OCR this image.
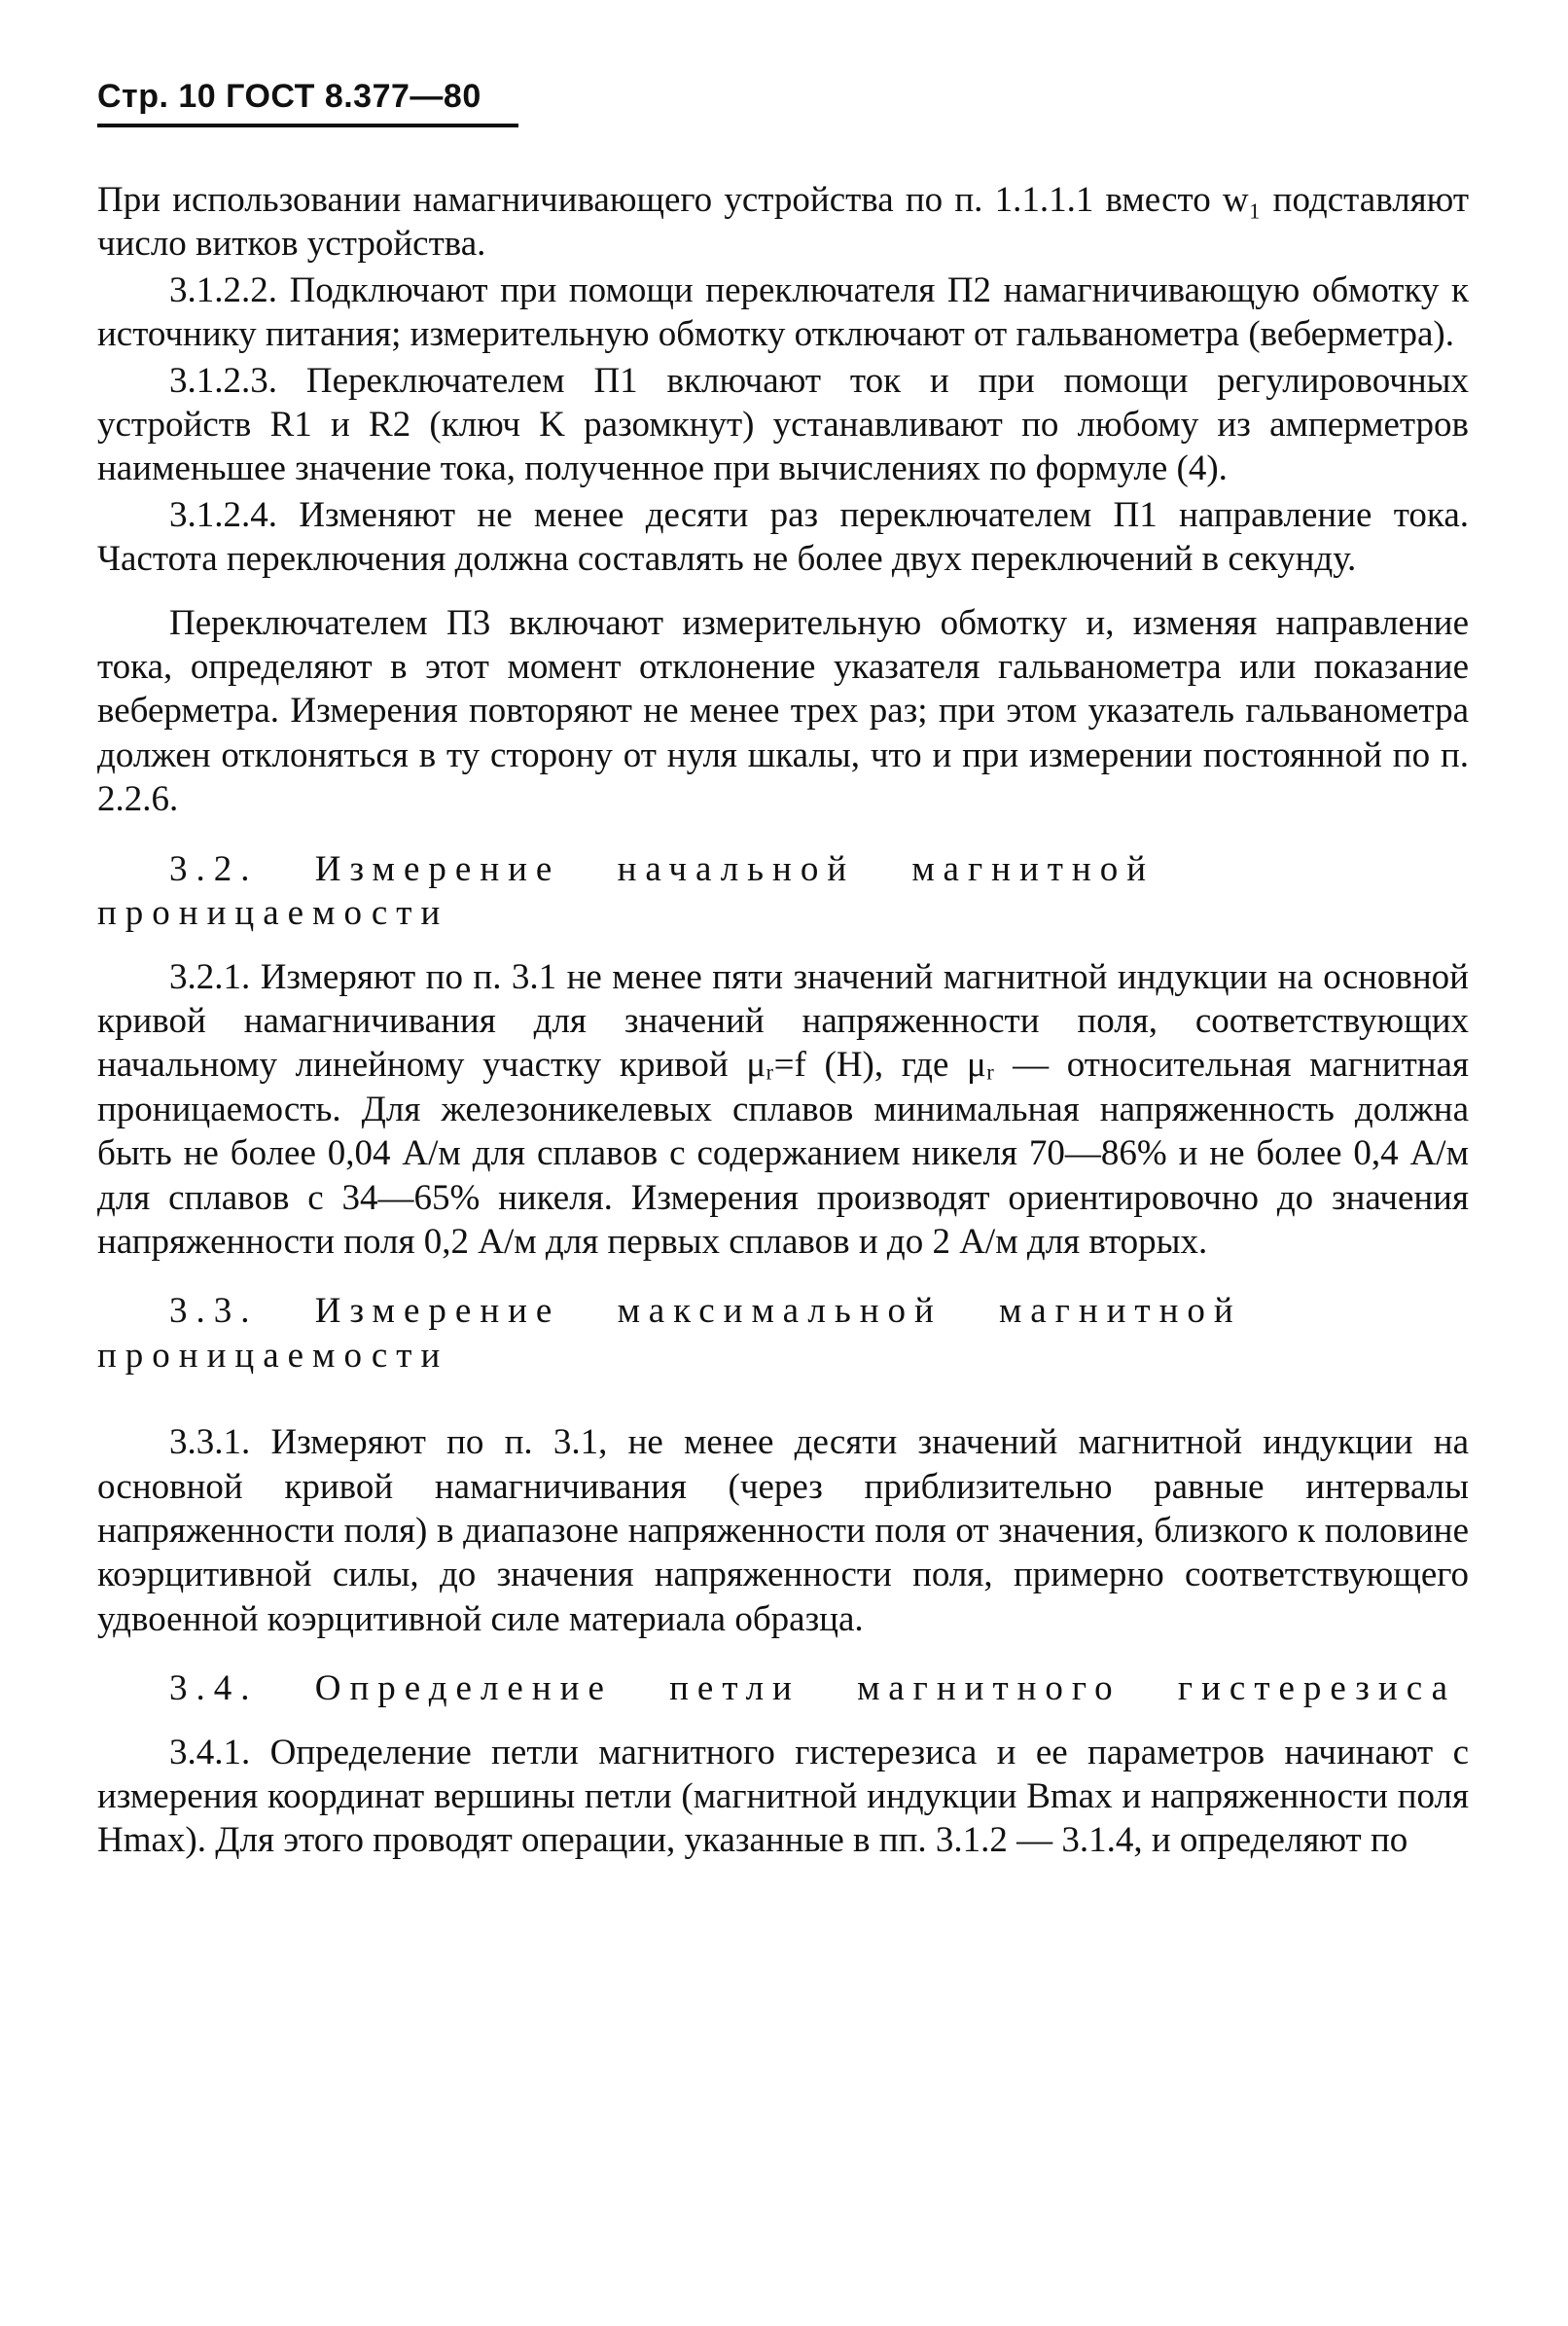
Стр. 10 ГОСТ 8.377—80

При использовании намагничивающего устройства по п. 1.1.1.1 вместо w₁ подставляют число витков устройства.

3.1.2.2. Подключают при помощи переключателя П2 намагничивающую обмотку к источнику питания; измерительную обмотку отключают от гальванометра (веберметра).

3.1.2.3. Переключателем П1 включают ток и при помощи регулировочных устройств R1 и R2 (ключ K разомкнут) устанавливают по любому из амперметров наименьшее значение тока, полученное при вычислениях по формуле (4).

3.1.2.4. Изменяют не менее десяти раз переключателем П1 направление тока. Частота переключения должна составлять не более двух переключений в секунду.

Переключателем П3 включают измерительную обмотку и, изменяя направление тока, определяют в этот момент отклонение указателя гальванометра или показание веберметра. Измерения повторяют не менее трех раз; при этом указатель гальванометра должен отклоняться в ту сторону от нуля шкалы, что и при измерении постоянной по п. 2.2.6.

3.2. Измерение начальной магнитной проницаемости

3.2.1. Измеряют по п. 3.1 не менее пяти значений магнитной индукции на основной кривой намагничивания для значений напряженности поля, соответствующих начальному линейному участку кривой μᵣ=f (H), где μᵣ — относительная магнитная проницаемость. Для железоникелевых сплавов минимальная напряженность должна быть не более 0,04 А/м для сплавов с содержанием никеля 70—86% и не более 0,4 А/м для сплавов с 34—65% никеля. Измерения производят ориентировочно до значения напряженности поля 0,2 А/м для первых сплавов и до 2 А/м для вторых.

3.3. Измерение максимальной магнитной проницаемости

3.3.1. Измеряют по п. 3.1, не менее десяти значений магнитной индукции на основной кривой намагничивания (через приблизительно равные интервалы напряженности поля) в диапазоне напряженности поля от значения, близкого к половине коэрцитивной силы, до значения напряженности поля, примерно соответствующего удвоенной коэрцитивной силе материала образца.

3.4. Определение петли магнитного гистерезиса

3.4.1. Определение петли магнитного гистерезиса и ее параметров начинают с измерения координат вершины петли (магнитной индукции Bmax и напряженности поля Hmax). Для этого проводят операции, указанные в пп. 3.1.2 — 3.1.4, и определяют по
